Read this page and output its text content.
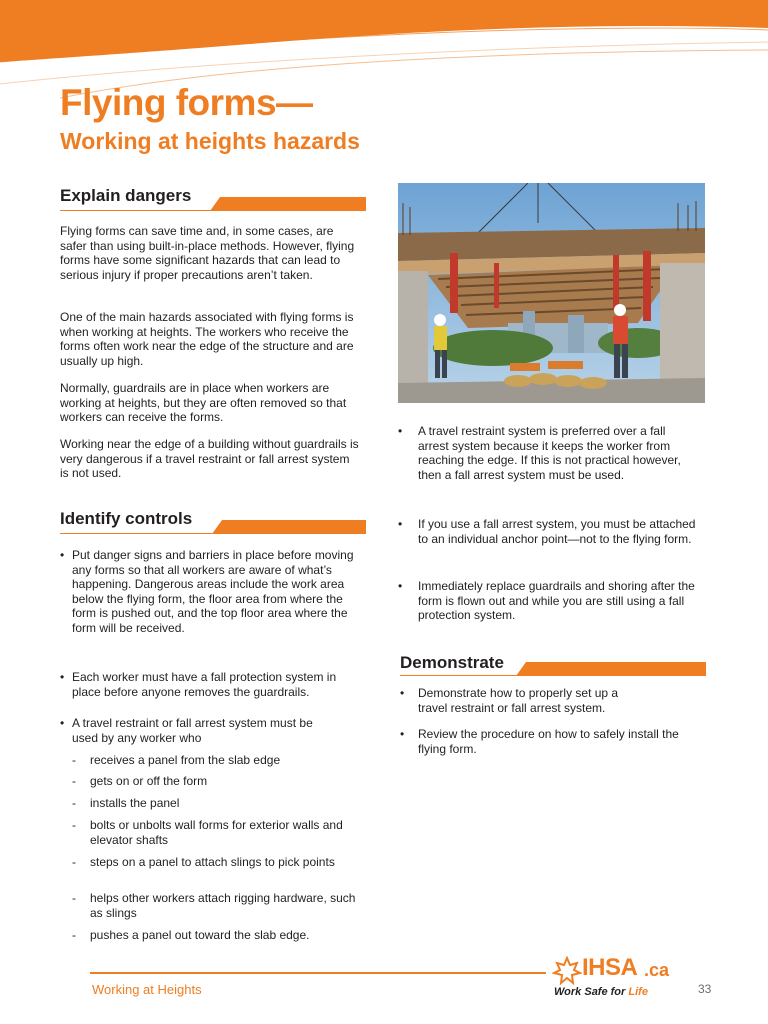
Flying forms—
Working at heights hazards
Explain dangers

Flying forms can save time and, in some cases, are safer than using built-in-place methods. However, flying forms have some significant hazards that can lead to serious injury if proper precautions aren’t taken.

One of the main hazards associated with flying forms is when working at heights. The workers who receive the forms often work near the edge of the structure and are usually up high.

Normally, guardrails are in place when workers are working at heights, but they are often removed so that workers can receive the forms.

Working near the edge of a building without guardrails is very dangerous if a travel restraint or fall arrest system is not used.

Identify controls
• Put danger signs and barriers in place before moving any forms so that all workers are aware of what’s happening. Dangerous areas include the work area below the flying form, the floor area from where the form is pushed out, and the top floor area where the form will be received.
• Each worker must have a fall protection system in place before anyone removes the guardrails.
• A travel restraint or fall arrest system must be used by any worker who
-	receives a panel from the slab edge
-	gets on or off the form
-	installs the panel
-	bolts or unbolts wall forms for exterior walls and elevator shafts
-	steps on a panel to attach slings to pick points
-	helps other workers attach rigging hardware, such as slings
-	pushes a panel out toward the slab edge.
•	A travel restraint system is preferred over a fall arrest system because it keeps the worker from reaching the edge. If this is not practical however, then a fall arrest system must be used.
•	If you use a fall arrest system, you must be attached to an individual anchor point—not to the flying form.
•	Immediately replace guardrails and shoring after the form is flown out and while you are still using a fall protection system.
Demonstrate
•	Demonstrate how to properly set up a travel restraint or fall arrest system.
•	Review the procedure on how to safely install the flying form.
Working at Heights
IHSA .ca
Work Safe for Life	33
